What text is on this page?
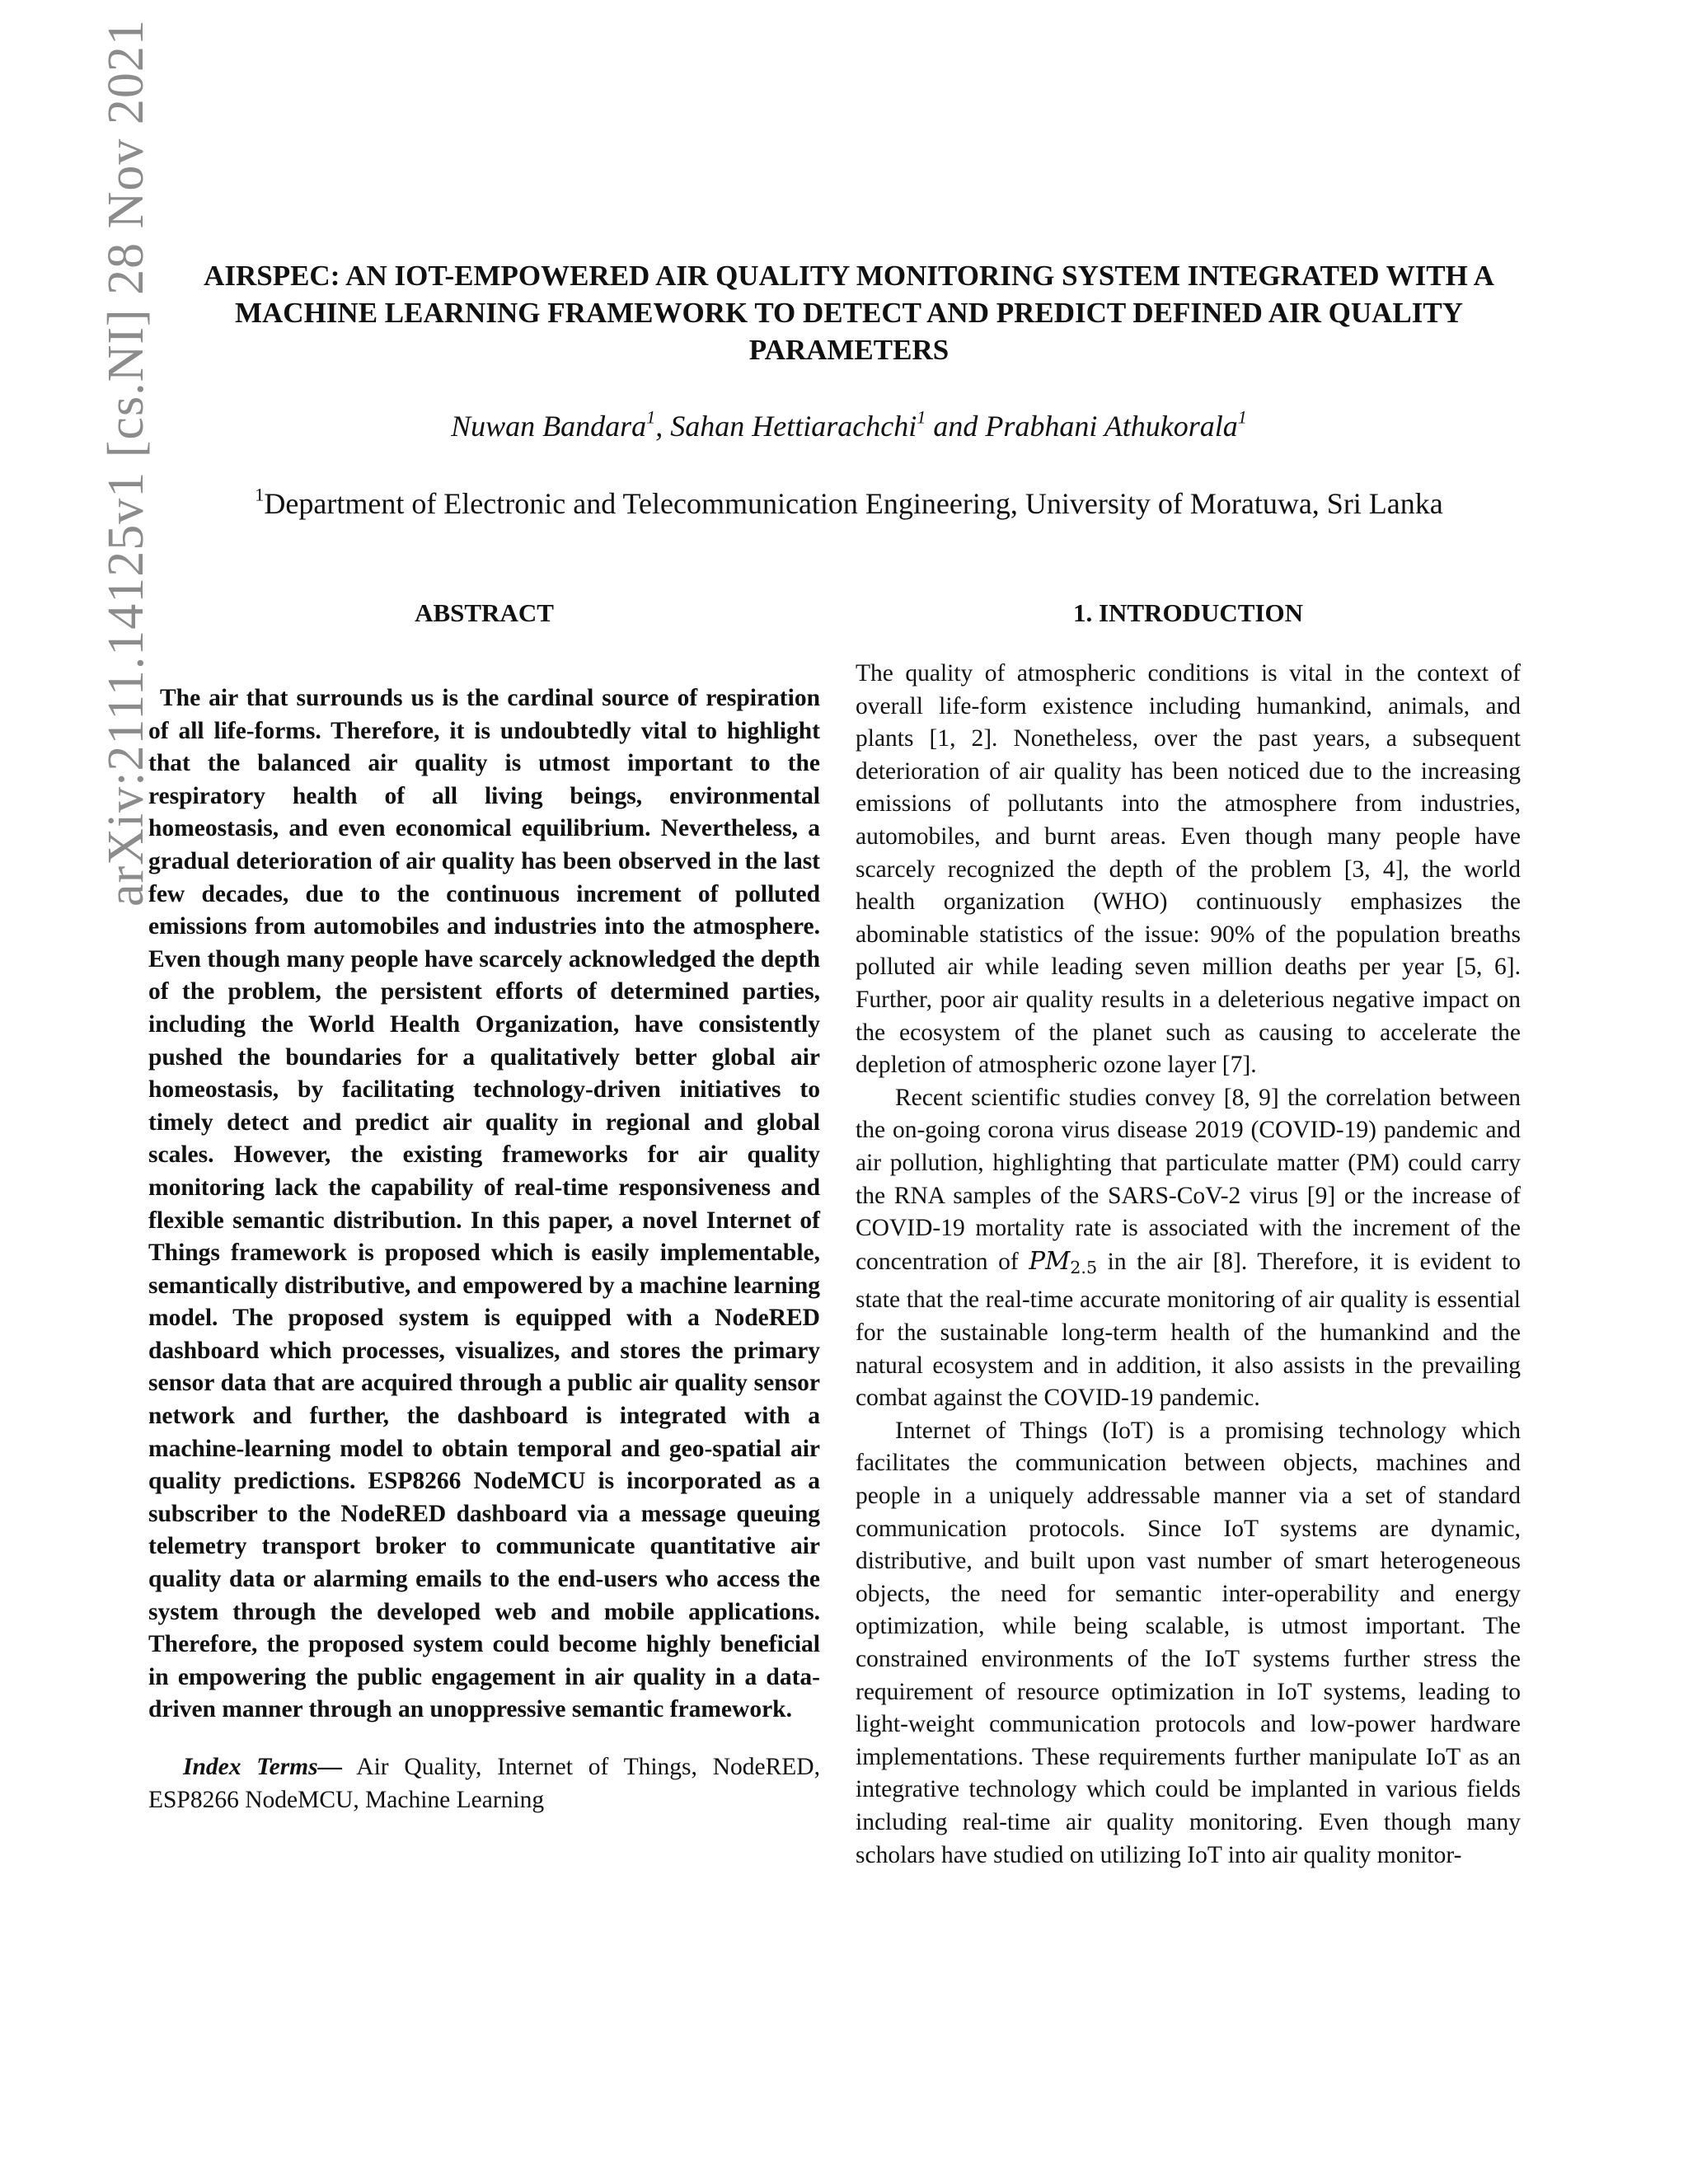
arXiv:2111.14125v1 [cs.NI] 28 Nov 2021	AIRSPEC: AN IOT-EMPOWERED AIR QUALITY MONITORING SYSTEM INTEGRATED WITH A MACHINE LEARNING FRAMEWORK TO DETECT AND PREDICT DEFINED AIR QUALITY PARAMETERS
Nuwan Bandara$^1$, Sahan Hettiarachchi$^1$ and Prabhani Athukorala$^1$
$^1$Department of Electronic and Telecommunication Engineering, University of Moratuwa, Sri Lanka
ABSTRACT
The air that surrounds us is the cardinal source of respiration of all life-forms. Therefore, it is undoubtedly vital to highlight that the balanced air quality is utmost important to the respiratory health of all living beings, environmental homeostasis, and even economical equilibrium. Nevertheless, a gradual deterioration of air quality has been observed in the last few decades, due to the continuous increment of polluted emissions from automobiles and industries into the atmosphere. Even though many people have scarcely acknowledged the depth of the problem, the persistent efforts of determined parties, including the World Health Organization, have consistently pushed the boundaries for a qualitatively better global air homeostasis, by facilitating technology-driven initiatives to timely detect and predict air quality in regional and global scales. However, the existing frameworks for air quality monitoring lack the capability of real-time responsiveness and flexible semantic distribution. In this paper, a novel Internet of Things framework is proposed which is easily implementable, semantically distributive, and empowered by a machine learning model. The proposed system is equipped with a NodeRED dashboard which processes, visualizes, and stores the primary sensor data that are acquired through a public air quality sensor network and further, the dashboard is integrated with a machine-learning model to obtain temporal and geo-spatial air quality predictions. ESP8266 NodeMCU is incorporated as a subscriber to the NodeRED dashboard via a message queuing telemetry transport broker to communicate quantitative air quality data or alarming emails to the end-users who access the system through the developed web and mobile applications. Therefore, the proposed system could become highly beneficial in empowering the public engagement in air quality in a data-driven manner through an unoppressive semantic framework.
Index Terms— Air Quality, Internet of Things, NodeRED, ESP8266 NodeMCU, Machine Learning
1. INTRODUCTION

The quality of atmospheric conditions is vital in the context of overall life-form existence including humankind, animals, and plants [1, 2]. Nonetheless, over the past years, a subsequent deterioration of air quality has been noticed due to the increasing emissions of pollutants into the atmosphere from industries, automobiles, and burnt areas. Even though many people have scarcely recognized the depth of the problem [3, 4], the world health organization (WHO) continuously emphasizes the abominable statistics of the issue: 90% of the population breaths polluted air while leading seven million deaths per year [5, 6]. Further, poor air quality results in a deleterious negative impact on the ecosystem of the planet such as causing to accelerate the depletion of atmospheric ozone layer [7].

Recent scientific studies convey [8, 9] the correlation between the on-going corona virus disease 2019 (COVID-19) pandemic and air pollution, highlighting that particulate matter (PM) could carry the RNA samples of the SARS-CoV-2 virus [9] or the increase of COVID-19 mortality rate is associated with the increment of the concentration of $PM_{2.5}$ in the air [8]. Therefore, it is evident to state that the real-time accurate monitoring of air quality is essential for the sustainable long-term health of the humankind and the natural ecosystem and in addition, it also assists in the prevailing combat against the COVID-19 pandemic.

Internet of Things (IoT) is a promising technology which facilitates the communication between objects, machines and people in a uniquely addressable manner via a set of standard communication protocols. Since IoT systems are dynamic, distributive, and built upon vast number of smart heterogeneous objects, the need for semantic inter-operability and energy optimization, while being scalable, is utmost important. The constrained environments of the IoT systems further stress the requirement of resource optimization in IoT systems, leading to light-weight communication protocols and low-power hardware implementations. These requirements further manipulate IoT as an integrative technology which could be implanted in various fields including real-time air quality monitoring. Even though many scholars have studied on utilizing IoT into air quality monitor-
